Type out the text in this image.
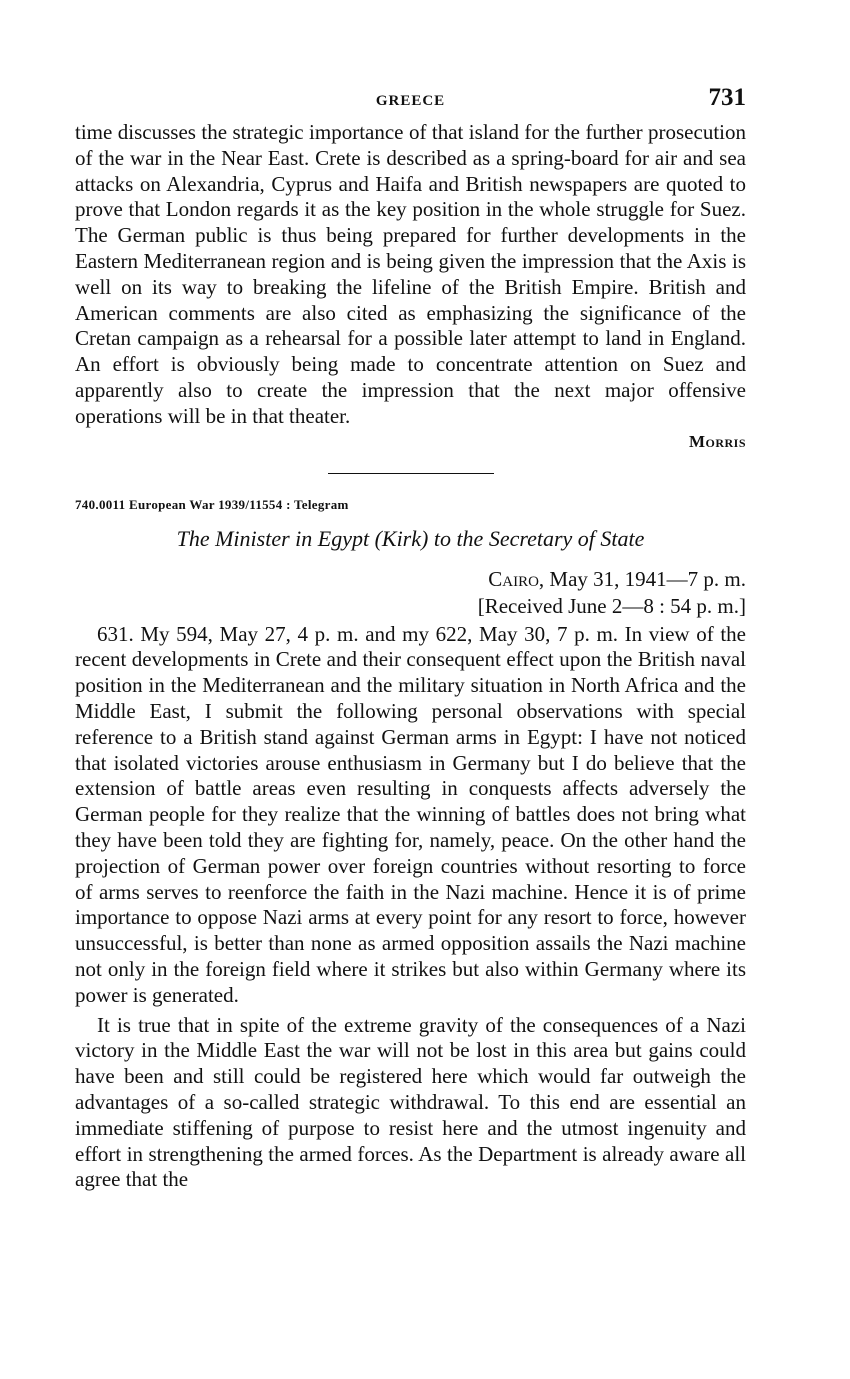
GREECE	731

time discusses the strategic importance of that island for the further prosecution of the war in the Near East. Crete is described as a spring-board for air and sea attacks on Alexandria, Cyprus and Haifa and British newspapers are quoted to prove that London regards it as the key position in the whole struggle for Suez. The German public is thus being prepared for further developments in the Eastern Mediterranean region and is being given the impression that the Axis is well on its way to breaking the lifeline of the British Empire. British and American comments are also cited as emphasizing the significance of the Cretan campaign as a rehearsal for a possible later attempt to land in England. An effort is obviously being made to concentrate attention on Suez and apparently also to create the impression that the next major offensive operations will be in that theater.

Morris
740.0011 European War 1939/11554 : Telegram
The Minister in Egypt (Kirk) to the Secretary of State
Cairo, May 31, 1941—7 p. m.
[Received June 2—8 : 54 p. m.]

631. My 594, May 27, 4 p. m. and my 622, May 30, 7 p. m. In view of the recent developments in Crete and their consequent effect upon the British naval position in the Mediterranean and the military situation in North Africa and the Middle East, I submit the following personal observations with special reference to a British stand against German arms in Egypt: I have not noticed that isolated victories arouse enthusiasm in Germany but I do believe that the extension of battle areas even resulting in conquests affects adversely the German people for they realize that the winning of battles does not bring what they have been told they are fighting for, namely, peace. On the other hand the projection of German power over foreign countries without resorting to force of arms serves to reenforce the faith in the Nazi machine. Hence it is of prime importance to oppose Nazi arms at every point for any resort to force, however unsuccessful, is better than none as armed opposition assails the Nazi machine not only in the foreign field where it strikes but also within Germany where its power is generated.

It is true that in spite of the extreme gravity of the consequences of a Nazi victory in the Middle East the war will not be lost in this area but gains could have been and still could be registered here which would far outweigh the advantages of a so-called strategic withdrawal. To this end are essential an immediate stiffening of purpose to resist here and the utmost ingenuity and effort in strengthening the armed forces. As the Department is already aware all agree that the
